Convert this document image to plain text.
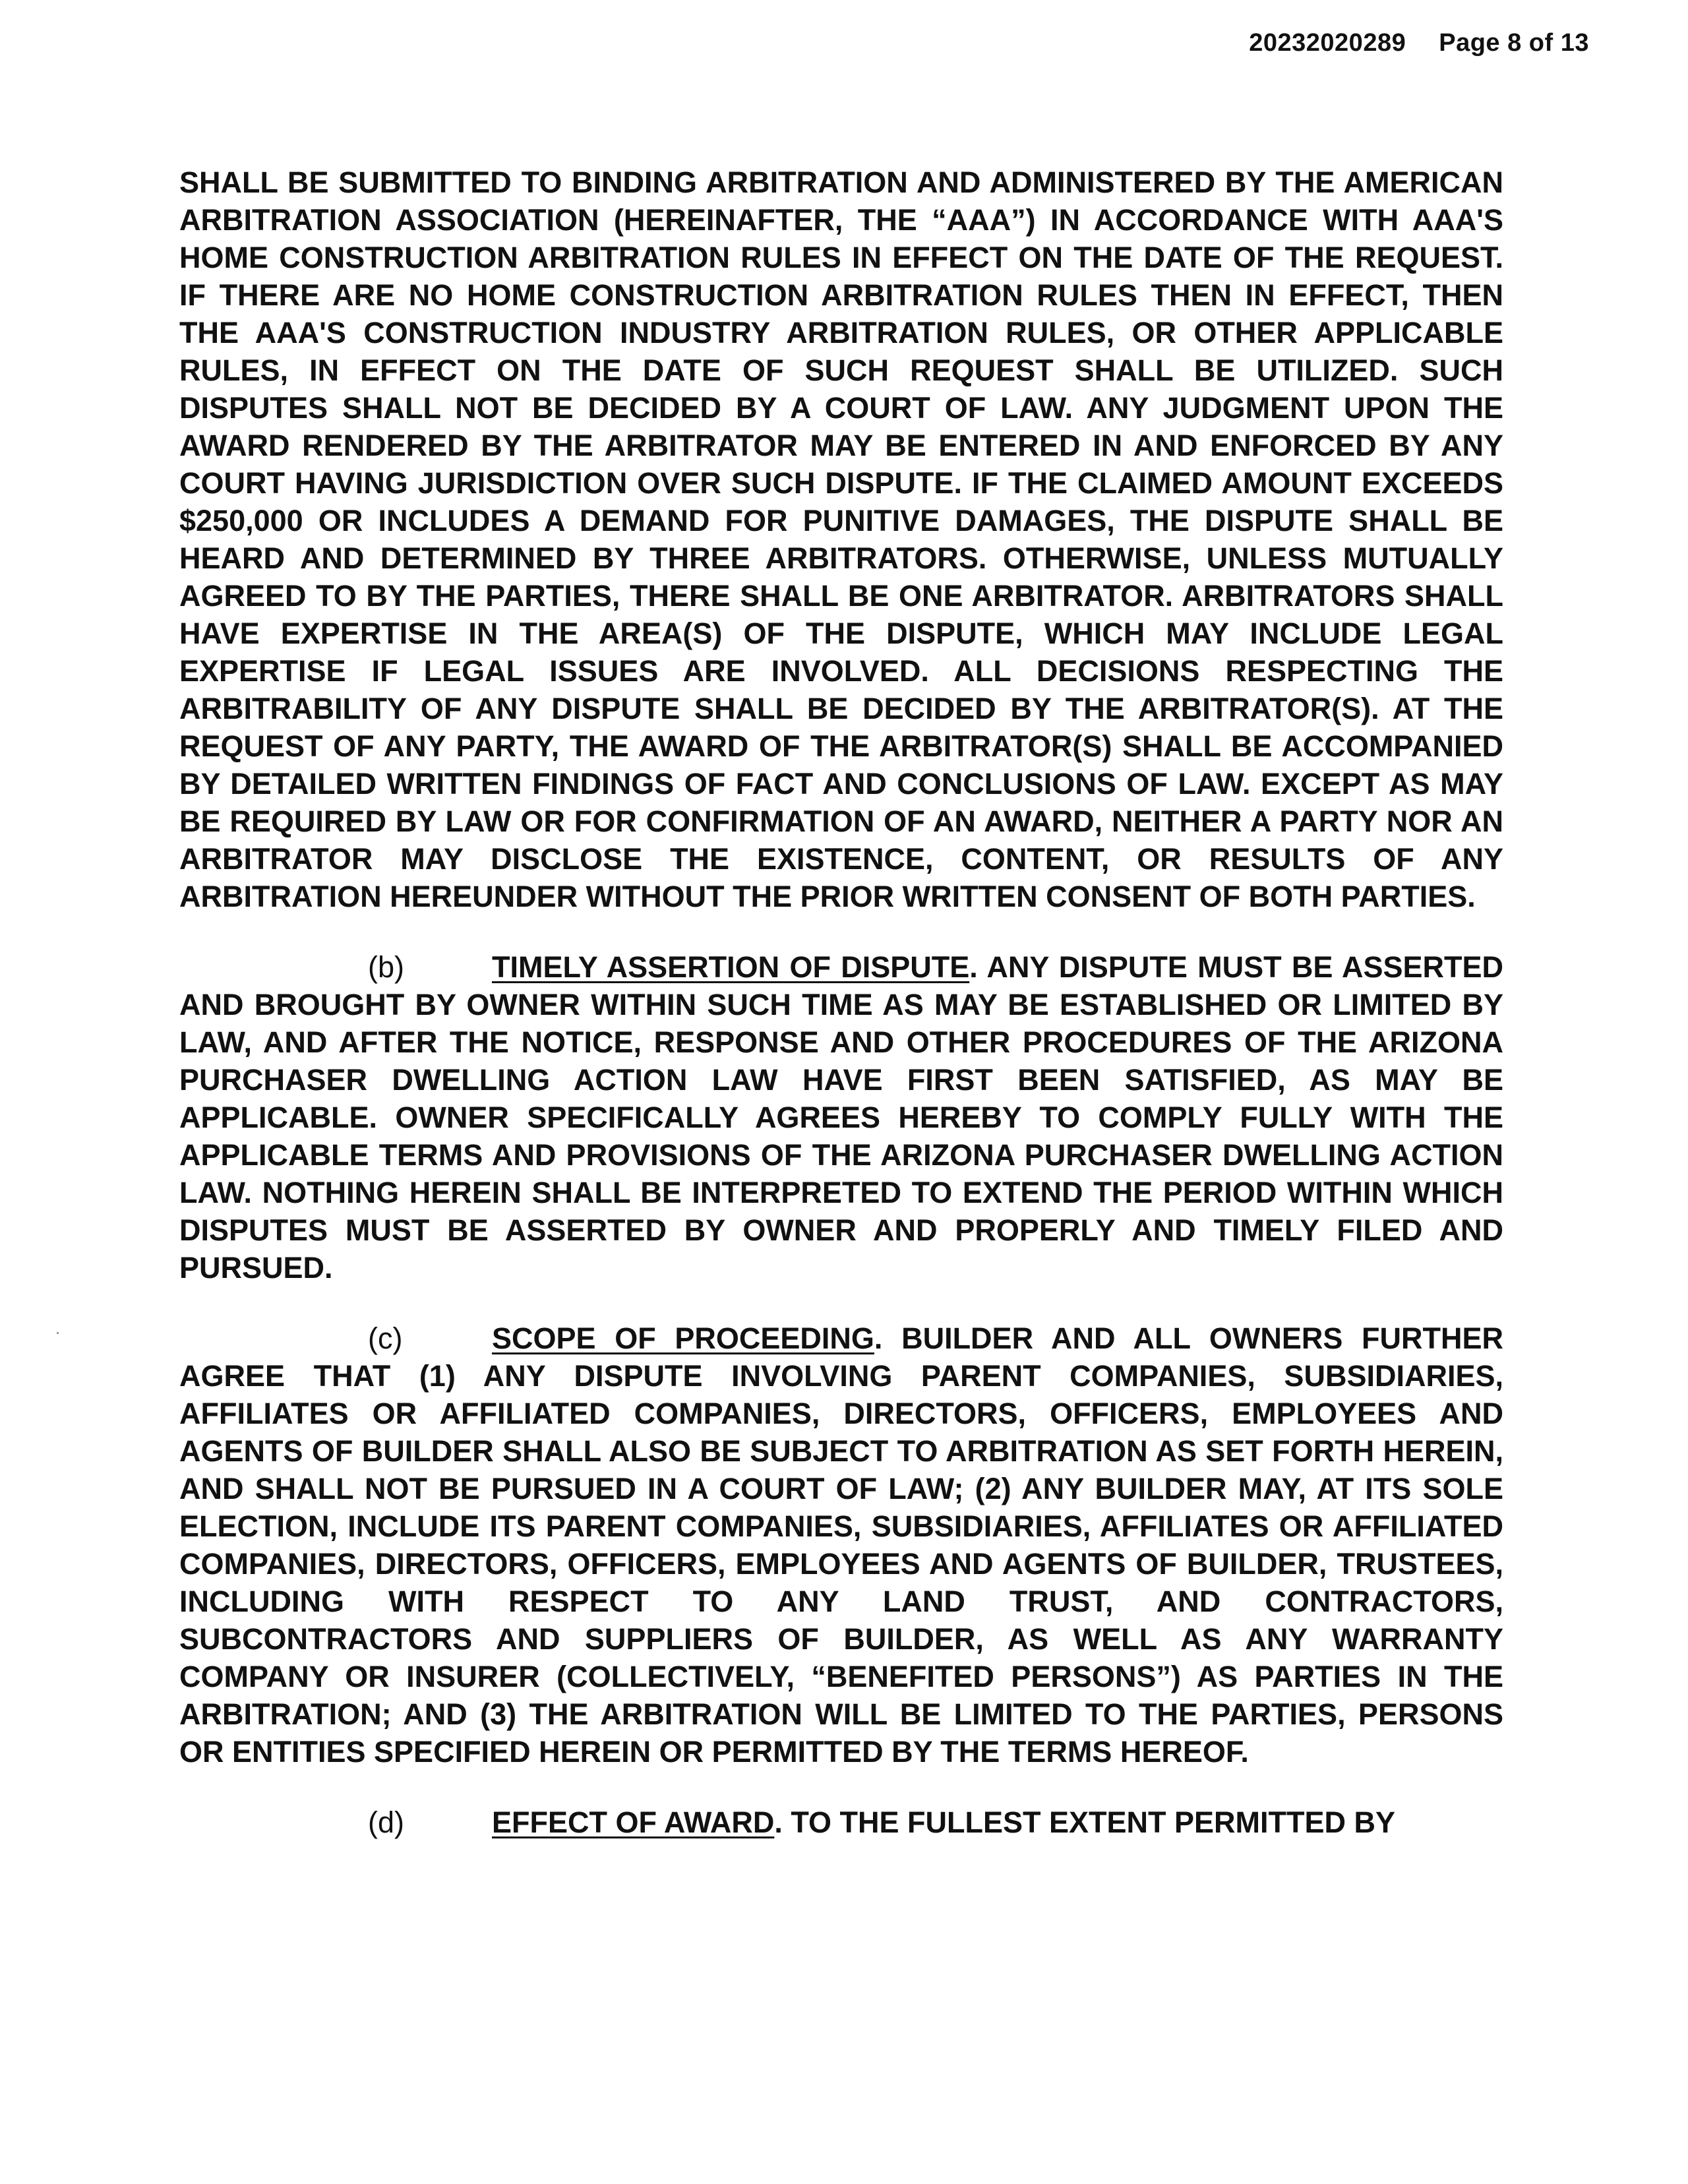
20232020289 Page 8 of 13

SHALL BE SUBMITTED TO BINDING ARBITRATION AND ADMINISTERED BY THE AMERICAN ARBITRATION ASSOCIATION (HEREINAFTER, THE “AAA”) IN ACCORDANCE WITH AAA'S HOME CONSTRUCTION ARBITRATION RULES IN EFFECT ON THE DATE OF THE REQUEST. IF THERE ARE NO HOME CONSTRUCTION ARBITRATION RULES THEN IN EFFECT, THEN THE AAA'S CONSTRUCTION INDUSTRY ARBITRATION RULES, OR OTHER APPLICABLE RULES, IN EFFECT ON THE DATE OF SUCH REQUEST SHALL BE UTILIZED. SUCH DISPUTES SHALL NOT BE DECIDED BY A COURT OF LAW. ANY JUDGMENT UPON THE AWARD RENDERED BY THE ARBITRATOR MAY BE ENTERED IN AND ENFORCED BY ANY COURT HAVING JURISDICTION OVER SUCH DISPUTE. IF THE CLAIMED AMOUNT EXCEEDS $250,000 OR INCLUDES A DEMAND FOR PUNITIVE DAMAGES, THE DISPUTE SHALL BE HEARD AND DETERMINED BY THREE ARBITRATORS. OTHERWISE, UNLESS MUTUALLY AGREED TO BY THE PARTIES, THERE SHALL BE ONE ARBITRATOR. ARBITRATORS SHALL HAVE EXPERTISE IN THE AREA(S) OF THE DISPUTE, WHICH MAY INCLUDE LEGAL EXPERTISE IF LEGAL ISSUES ARE INVOLVED. ALL DECISIONS RESPECTING THE ARBITRABILITY OF ANY DISPUTE SHALL BE DECIDED BY THE ARBITRATOR(S). AT THE REQUEST OF ANY PARTY, THE AWARD OF THE ARBITRATOR(S) SHALL BE ACCOMPANIED BY DETAILED WRITTEN FINDINGS OF FACT AND CONCLUSIONS OF LAW. EXCEPT AS MAY BE REQUIRED BY LAW OR FOR CONFIRMATION OF AN AWARD, NEITHER A PARTY NOR AN ARBITRATOR MAY DISCLOSE THE EXISTENCE, CONTENT, OR RESULTS OF ANY ARBITRATION HEREUNDER WITHOUT THE PRIOR WRITTEN CONSENT OF BOTH PARTIES.

(b)	TIMELY ASSERTION OF DISPUTE. ANY DISPUTE MUST BE ASSERTED AND BROUGHT BY OWNER WITHIN SUCH TIME AS MAY BE ESTABLISHED OR LIMITED BY LAW, AND AFTER THE NOTICE, RESPONSE AND OTHER PROCEDURES OF THE ARIZONA PURCHASER DWELLING ACTION LAW HAVE FIRST BEEN SATISFIED, AS MAY BE APPLICABLE. OWNER SPECIFICALLY AGREES HEREBY TO COMPLY FULLY WITH THE APPLICABLE TERMS AND PROVISIONS OF THE ARIZONA PURCHASER DWELLING ACTION LAW. NOTHING HEREIN SHALL BE INTERPRETED TO EXTEND THE PERIOD WITHIN WHICH DISPUTES MUST BE ASSERTED BY OWNER AND PROPERLY AND TIMELY FILED AND PURSUED.

(c)	SCOPE OF PROCEEDING. BUILDER AND ALL OWNERS FURTHER AGREE THAT (1) ANY DISPUTE INVOLVING PARENT COMPANIES, SUBSIDIARIES, AFFILIATES OR AFFILIATED COMPANIES, DIRECTORS, OFFICERS, EMPLOYEES AND AGENTS OF BUILDER SHALL ALSO BE SUBJECT TO ARBITRATION AS SET FORTH HEREIN, AND SHALL NOT BE PURSUED IN A COURT OF LAW; (2) ANY BUILDER MAY, AT ITS SOLE ELECTION, INCLUDE ITS PARENT COMPANIES, SUBSIDIARIES, AFFILIATES OR AFFILIATED COMPANIES, DIRECTORS, OFFICERS, EMPLOYEES AND AGENTS OF BUILDER, TRUSTEES, INCLUDING WITH RESPECT TO ANY LAND TRUST, AND CONTRACTORS, SUBCONTRACTORS AND SUPPLIERS OF BUILDER, AS WELL AS ANY WARRANTY COMPANY OR INSURER (COLLECTIVELY, “BENEFITED PERSONS”) AS PARTIES IN THE ARBITRATION; AND (3) THE ARBITRATION WILL BE LIMITED TO THE PARTIES, PERSONS OR ENTITIES SPECIFIED HEREIN OR PERMITTED BY THE TERMS HEREOF.

(d)	EFFECT OF AWARD. TO THE FULLEST EXTENT PERMITTED BY
